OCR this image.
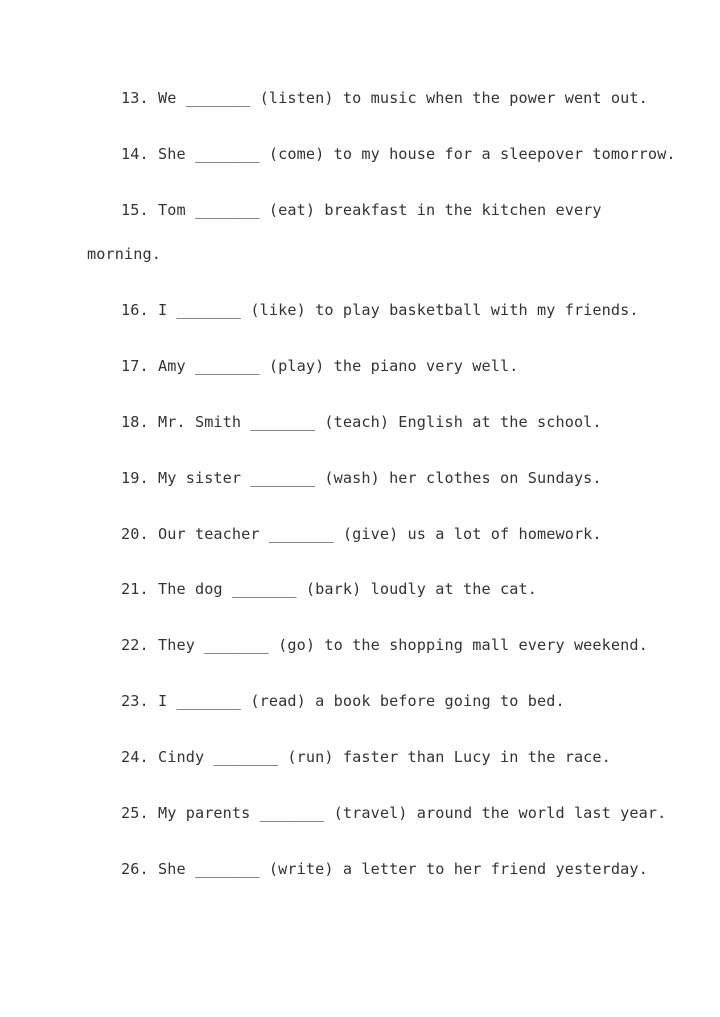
13. We _______ (listen) to music when the power went out.
14. She _______ (come) to my house for a sleepover tomorrow.
15. Tom _______ (eat) breakfast in the kitchen every
morning.
16. I _______ (like) to play basketball with my friends.
17. Amy _______ (play) the piano very well.
18. Mr. Smith _______ (teach) English at the school.
19. My sister _______ (wash) her clothes on Sundays.
20. Our teacher _______ (give) us a lot of homework.
21. The dog _______ (bark) loudly at the cat.
22. They _______ (go) to the shopping mall every weekend.
23. I _______ (read) a book before going to bed.
24. Cindy _______ (run) faster than Lucy in the race.
25. My parents _______ (travel) around the world last year.
26. She _______ (write) a letter to her friend yesterday.
